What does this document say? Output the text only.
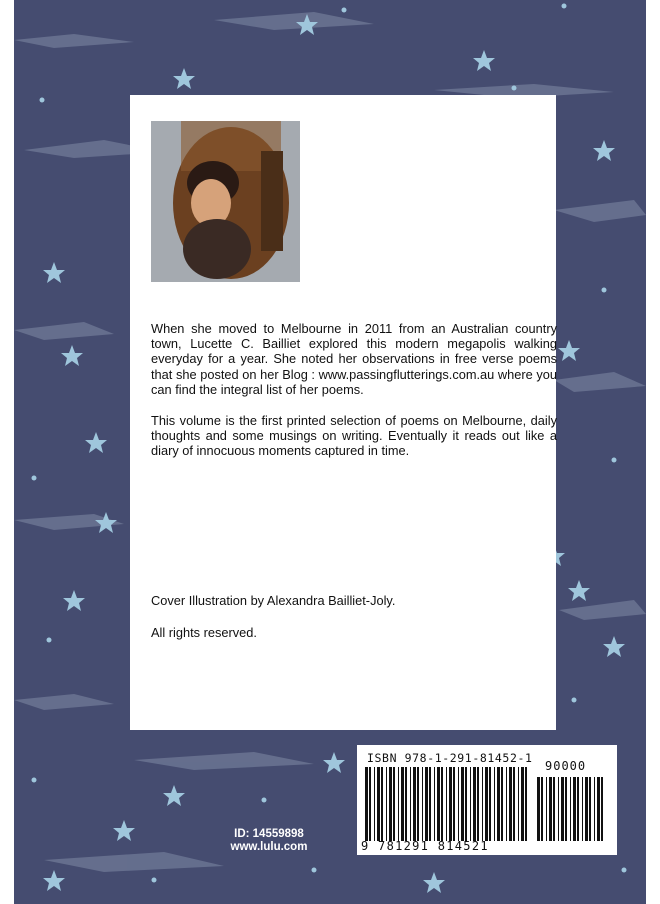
When she moved to Melbourne in 2011 from an Australian country town, Lucette C. Bailliet explored this modern megapolis walking everyday for a year. She noted her observations in free verse poems that she posted on her Blog : www.passingflutterings.com.au where you can find the integral list of her poems.

This volume is the first printed selection of poems on Melbourne, daily thoughts and some musings on writing. Eventually it reads out like a diary of innocuous moments captured in time.

Cover Illustration by Alexandra Bailliet-Joly.

All rights reserved.

ID: 14559898
www.lulu.com
ISBN 978-1-291-81452-1
90000
9 781291 814521
